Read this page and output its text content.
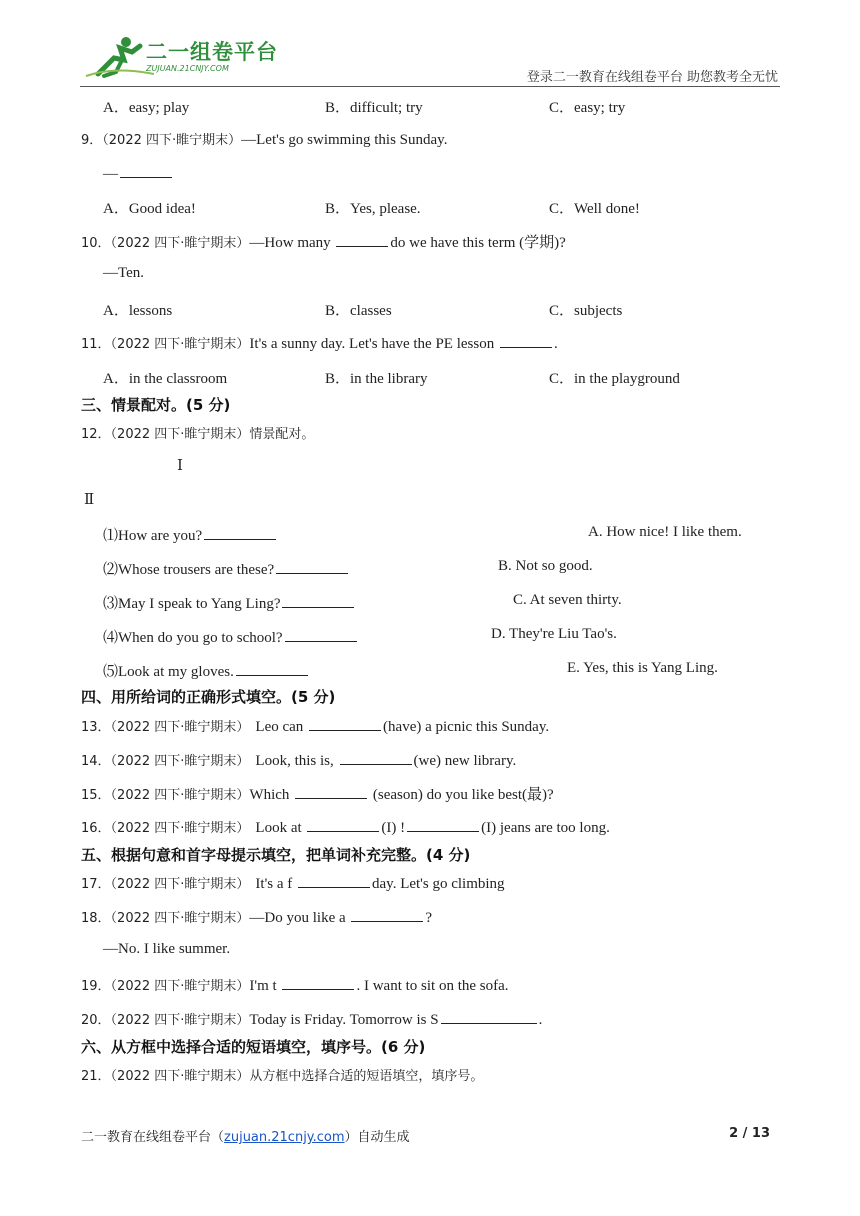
二一组卷平台
ZUJUAN.21CNJY.COM
登录二一教育在线组卷平台 助您教考全无忧
A．easy; play	B．difficult; try	C．easy; try
9．（2022 四下·睢宁期末）—Let's go swimming this Sunday.
—
A．Good idea!	B．Yes, please.	C．Well done!
10．（2022 四下·睢宁期末）—How many	do we have this term (学期)?
—Ten.
A．lessons	B．classes	C．subjects
11．（2022 四下·睢宁期末）It's a sunny day. Let's have the PE lesson	.
A．in the classroom	B．in the library	C．in the playground
三、情景配对。(5 分)
12．（2022 四下·睢宁期末）情景配对。
Ⅰ
Ⅱ
⑴How are you?
⑵Whose trousers are these?
⑶May I speak to Yang Ling?
⑷When do you go to school?
⑸Look at my gloves.
A. How nice! I like them.
B. Not so good.
C. At seven thirty.
D. They're Liu Tao's.
E. Yes, this is Yang Ling.
四、用所给词的正确形式填空。(5 分)
13．（2022 四下·睢宁期末） Leo can	(have) a picnic this Sunday.
14．（2022 四下·睢宁期末） Look, this is,	(we) new library.
15．（2022 四下·睢宁期末）Which	(season) do you like best(最)?
16．（2022 四下·睢宁期末） Look at	(I) !	(I) jeans are too long.
五、根据句意和首字母提示填空，把单词补充完整。(4 分)
17．（2022 四下·睢宁期末） It's a f	day. Let's go climbing
18．（2022 四下·睢宁期末）—Do you like a	?
—No. I like summer.
19．（2022 四下·睢宁期末）I'm t	. I want to sit on the sofa.
20．（2022 四下·睢宁期末）Today is Friday. Tomorrow is S	.
六、从方框中选择合适的短语填空，填序号。(6 分)
21．（2022 四下·睢宁期末）从方框中选择合适的短语填空，填序号。
二一教育在线组卷平台（zujuan.21cnjy.com）自动生成	2 / 13
